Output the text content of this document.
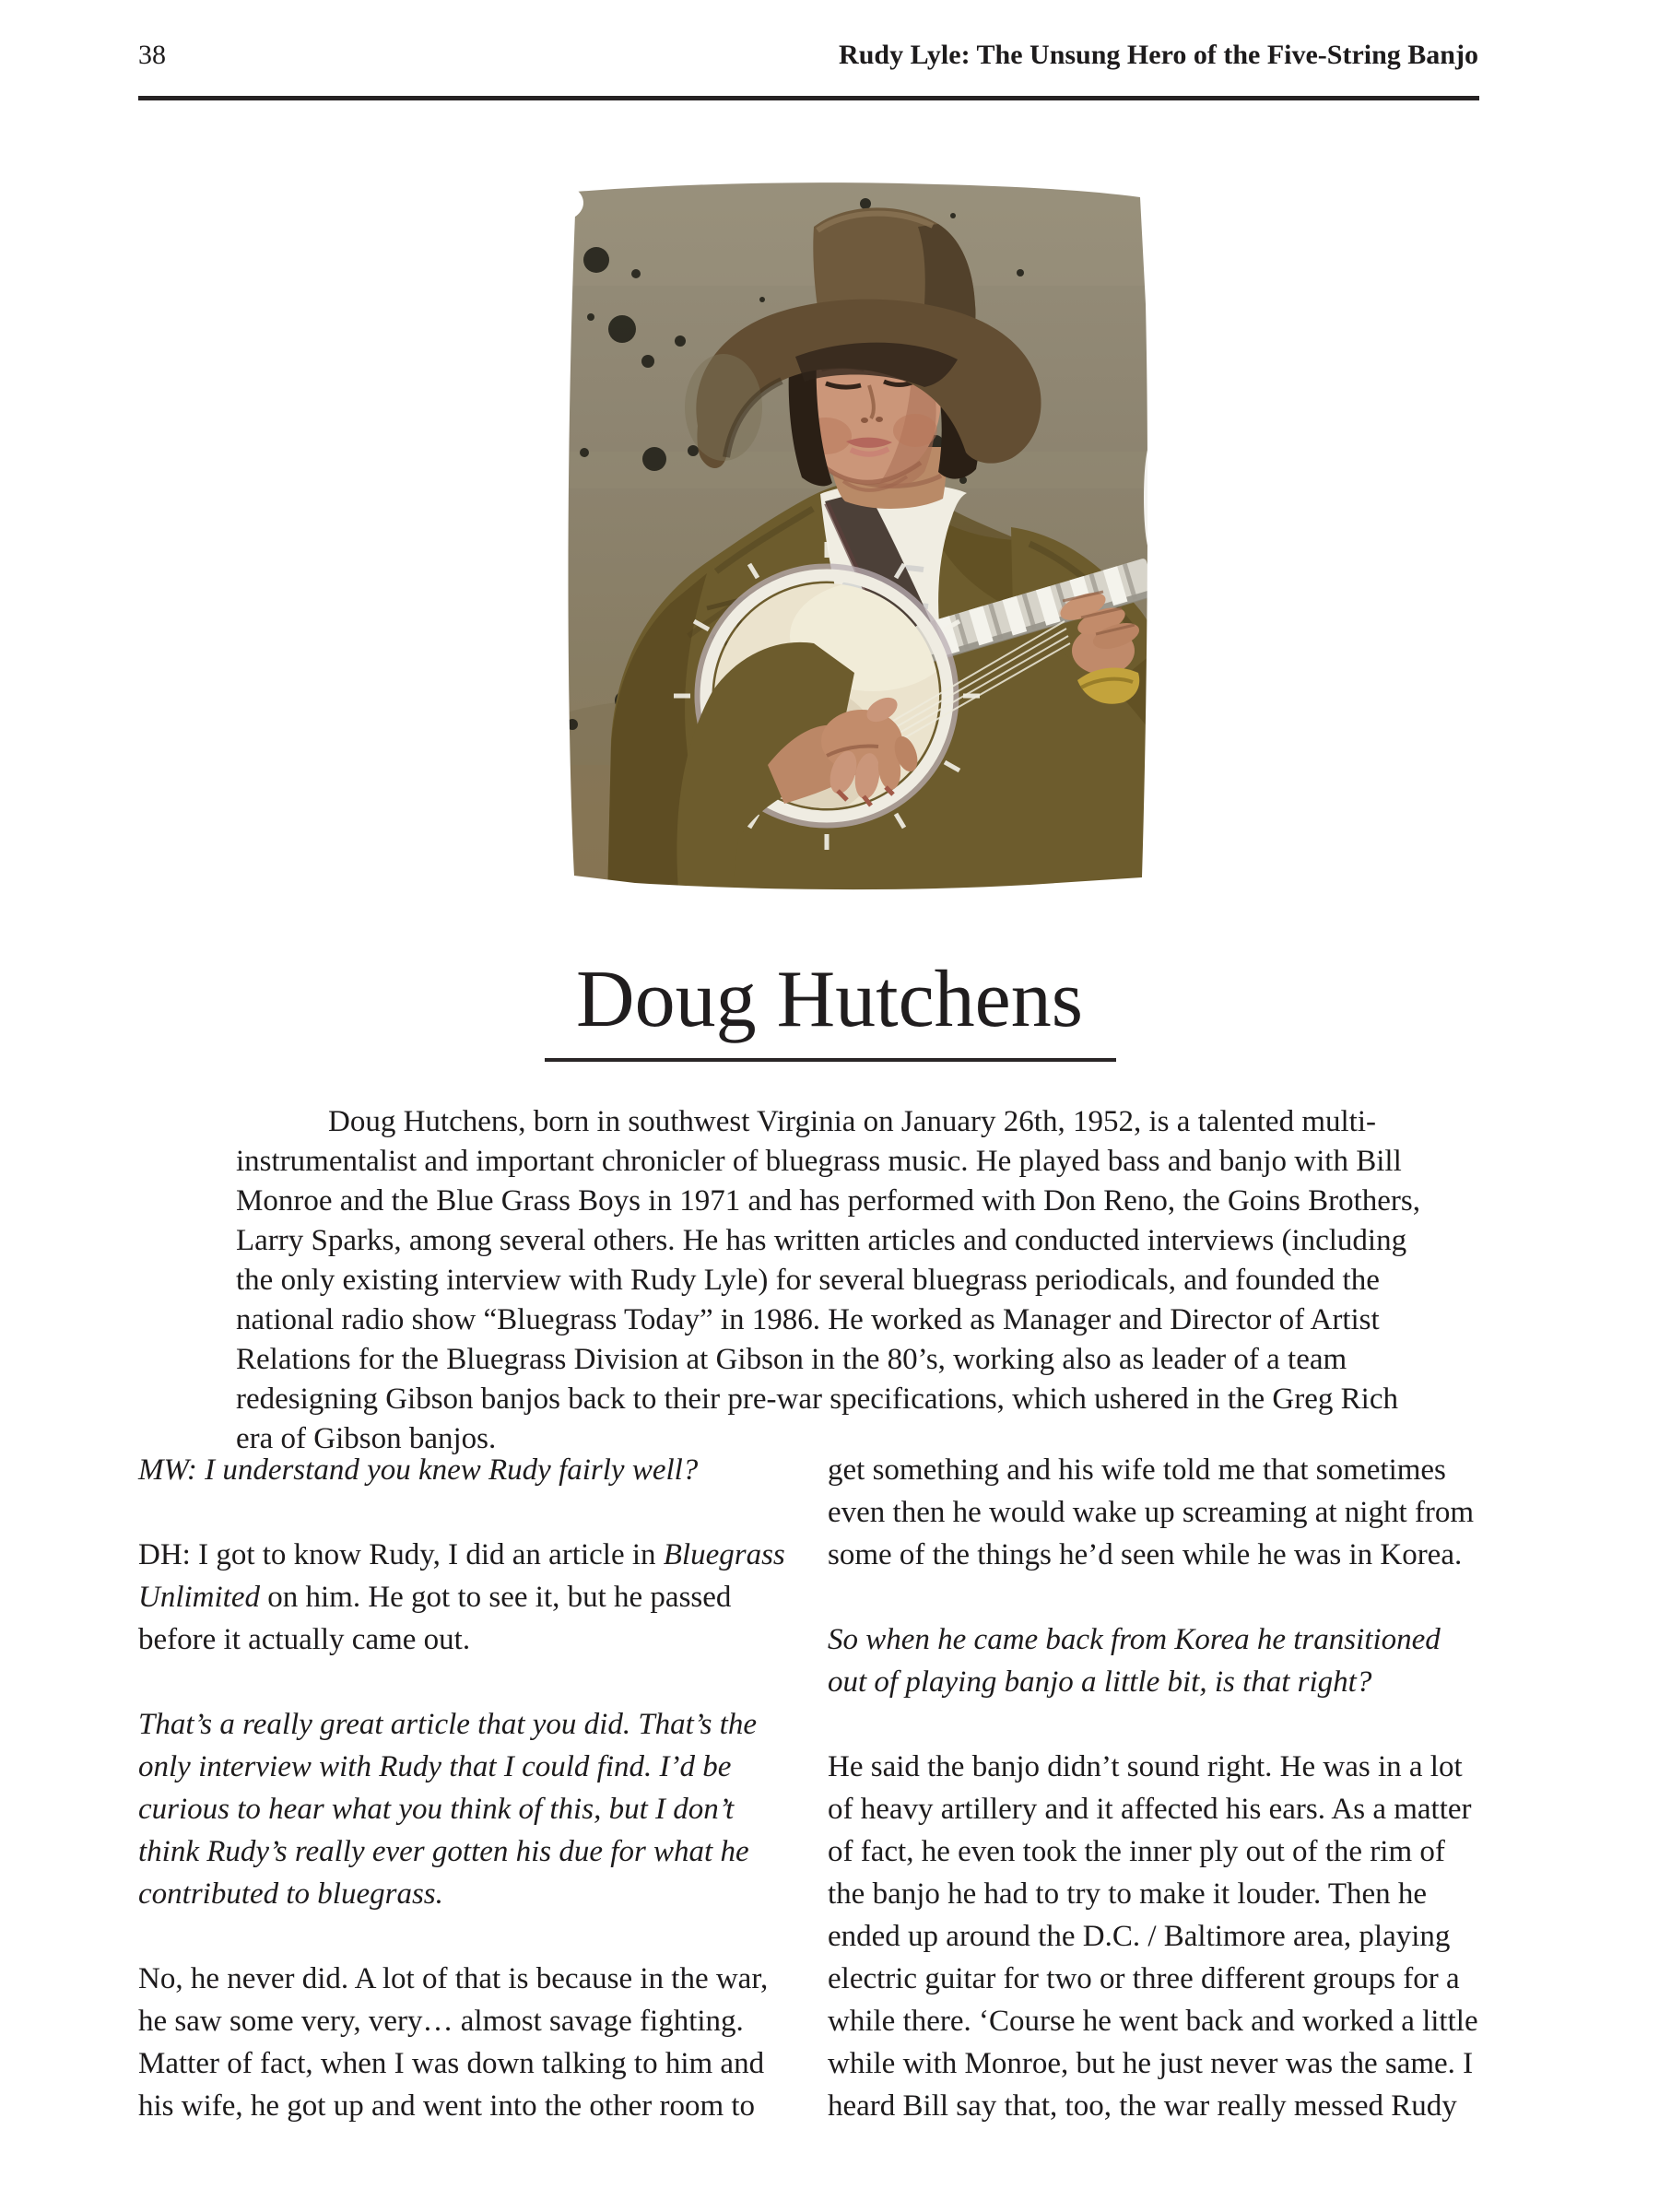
38	Rudy Lyle: The Unsung Hero of the Five-String Banjo
Doug Hutchens
Doug Hutchens, born in southwest Virginia on January 26th, 1952, is a talented multi-instrumentalist and important chronicler of bluegrass music. He played bass and banjo with Bill Monroe and the Blue Grass Boys in 1971 and has performed with Don Reno, the Goins Brothers, Larry Sparks, among several others. He has written articles and conducted interviews (including the only existing interview with Rudy Lyle) for several bluegrass periodicals, and founded the national radio show “Bluegrass Today” in 1986. He worked as Manager and Director of Artist Relations for the Bluegrass Division at Gibson in the 80’s, working also as leader of a team redesigning Gibson banjos back to their pre-war specifications, which ushered in the Greg Rich era of Gibson banjos.

MW: I understand you knew Rudy fairly well?

DH: I got to know Rudy, I did an article in Bluegrass Unlimited on him. He got to see it, but he passed before it actually came out.

That’s a really great article that you did. That’s the only interview with Rudy that I could find. I’d be curious to hear what you think of this, but I don’t think Rudy’s really ever gotten his due for what he contributed to bluegrass.

No, he never did. A lot of that is because in the war, he saw some very, very… almost savage fighting. Matter of fact, when I was down talking to him and his wife, he got up and went into the other room to

get something and his wife told me that sometimes even then he would wake up screaming at night from some of the things he’d seen while he was in Korea.

So when he came back from Korea he transitioned out of playing banjo a little bit, is that right?

He said the banjo didn’t sound right. He was in a lot of heavy artillery and it affected his ears. As a matter of fact, he even took the inner ply out of the rim of the banjo he had to try to make it louder. Then he ended up around the D.C. / Baltimore area, playing electric guitar for two or three different groups for a while there. ‘Course he went back and worked a little while with Monroe, but he just never was the same. I heard Bill say that, too, the war really messed Rudy
